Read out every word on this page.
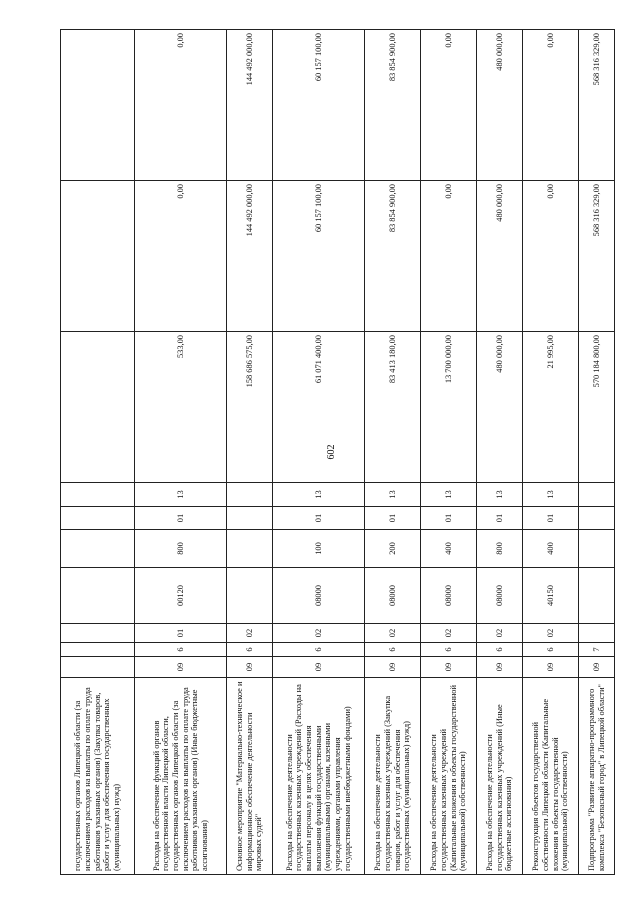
602
государственных органов Липецкой области (за исключением расходов на выплаты по оплате труда работников указанных органов) (Закупка товаров, работ и услуг для обеспечения государственных (муниципальных) нужд)										
Расходы на обеспечение функций органов государственной власти Липецкой области, государственных органов Липецкой области (за исключением расходов на выплаты по оплате труда работников указанных органов) (Иные бюджетные ассигнования)	09	6	01	00120	800	01	13	533,00	0,00	0,00
Основное мероприятие "Материально-техническое и информационное обеспечение деятельности мировых судей"	09	6	02					158 686 575,00	144 492 000,00	144 492 000,00
Расходы на обеспечение деятельности государственных казенных учреждений (Расходы на выплаты персоналу в целях обеспечения выполнения функций государственными (муниципальными) органами, казенными учреждениями, органами управления государственными внебюджетными фондами)	09	6	02	08000	100	01	13	61 071 400,00	60 157 100,00	60 157 100,00
Расходы на обеспечение деятельности государственных казенных учреждений (Закупка товаров, работ и услуг для обеспечения государственных (муниципальных) нужд)	09	6	02	08000	200	01	13	83 413 180,00	83 854 900,00	83 854 900,00
Расходы на обеспечение деятельности государственных казенных учреждений (Капитальные вложения в объекты государственной (муниципальной) собственности)	09	6	02	08000	400	01	13	13 700 000,00	0,00	0,00
Расходы на обеспечение деятельности государственных казенных учреждений (Иные бюджетные ассигнования)	09	6	02	08000	800	01	13	480 000,00	480 000,00	480 000,00
Реконструкция объектов государственной собственности Липецкой области (Капитальные вложения в объекты государственной (муниципальной) собственности)	09	6	02	40150	400	01	13	21 995,00	0,00	0,00
Подпрограмма "Развитие аппаратно-программного комплекса "Безопасный город" в Липецкой области"	09	7						570 184 800,00	568 316 329,00	568 316 329,00
